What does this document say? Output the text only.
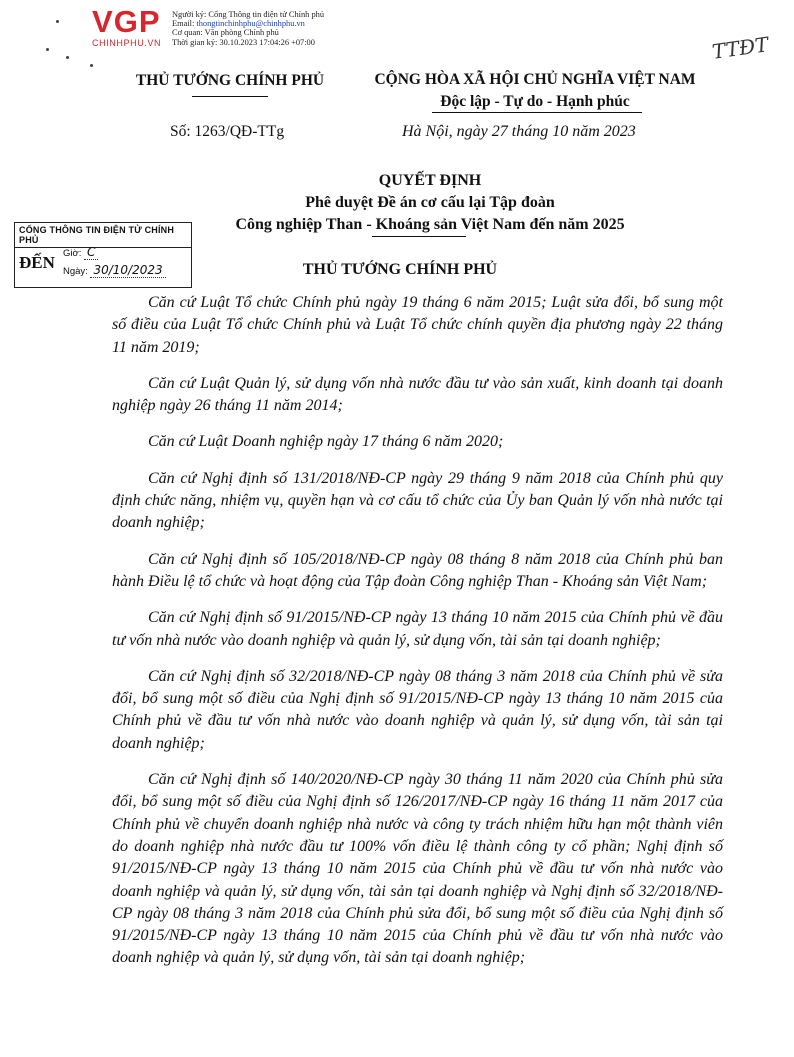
VGP
CHINHPHU.VN
Người ký: Cổng Thông tin điện tử Chính phủ
Email: thongtinchinhphu@chinhphu.vn
Cơ quan: Văn phòng Chính phủ
Thời gian ký: 30.10.2023 17:04:26 +07:00	TTĐT
THỦ TƯỚNG CHÍNH PHỦ	CỘNG HÒA XÃ HỘI CHỦ NGHĨA VIỆT NAM
Độc lập - Tự do - Hạnh phúc
Số: 1263/QĐ-TTg	Hà Nội, ngày 27 tháng 10 năm 2023
QUYẾT ĐỊNH
Phê duyệt Đề án cơ cấu lại Tập đoàn
Công nghiệp Than - Khoáng sản Việt Nam đến năm 2025
CỔNG THÔNG TIN ĐIỆN TỬ CHÍNH PHỦ
ĐẾN Giờ: C
Ngày: 30/10/2023	THỦ TƯỚNG CHÍNH PHỦ

Căn cứ Luật Tổ chức Chính phủ ngày 19 tháng 6 năm 2015; Luật sửa đổi, bổ sung một số điều của Luật Tổ chức Chính phủ và Luật Tổ chức chính quyền địa phương ngày 22 tháng 11 năm 2019;

Căn cứ Luật Quản lý, sử dụng vốn nhà nước đầu tư vào sản xuất, kinh doanh tại doanh nghiệp ngày 26 tháng 11 năm 2014;

Căn cứ Luật Doanh nghiệp ngày 17 tháng 6 năm 2020;

Căn cứ Nghị định số 131/2018/NĐ-CP ngày 29 tháng 9 năm 2018 của Chính phủ quy định chức năng, nhiệm vụ, quyền hạn và cơ cấu tổ chức của Ủy ban Quản lý vốn nhà nước tại doanh nghiệp;

Căn cứ Nghị định số 105/2018/NĐ-CP ngày 08 tháng 8 năm 2018 của Chính phủ ban hành Điều lệ tổ chức và hoạt động của Tập đoàn Công nghiệp Than - Khoáng sản Việt Nam;

Căn cứ Nghị định số 91/2015/NĐ-CP ngày 13 tháng 10 năm 2015 của Chính phủ về đầu tư vốn nhà nước vào doanh nghiệp và quản lý, sử dụng vốn, tài sản tại doanh nghiệp;

Căn cứ Nghị định số 32/2018/NĐ-CP ngày 08 tháng 3 năm 2018 của Chính phủ về sửa đổi, bổ sung một số điều của Nghị định số 91/2015/NĐ-CP ngày 13 tháng 10 năm 2015 của Chính phủ về đầu tư vốn nhà nước vào doanh nghiệp và quản lý, sử dụng vốn, tài sản tại doanh nghiệp;

Căn cứ Nghị định số 140/2020/NĐ-CP ngày 30 tháng 11 năm 2020 của Chính phủ sửa đổi, bổ sung một số điều của Nghị định số 126/2017/NĐ-CP ngày 16 tháng 11 năm 2017 của Chính phủ về chuyển doanh nghiệp nhà nước và công ty trách nhiệm hữu hạn một thành viên do doanh nghiệp nhà nước đầu tư 100% vốn điều lệ thành công ty cổ phần; Nghị định số 91/2015/NĐ-CP ngày 13 tháng 10 năm 2015 của Chính phủ về đầu tư vốn nhà nước vào doanh nghiệp và quản lý, sử dụng vốn, tài sản tại doanh nghiệp và Nghị định số 32/2018/NĐ-CP ngày 08 tháng 3 năm 2018 của Chính phủ sửa đổi, bổ sung một số điều của Nghị định số 91/2015/NĐ-CP ngày 13 tháng 10 năm 2015 của Chính phủ về đầu tư vốn nhà nước vào doanh nghiệp và quản lý, sử dụng vốn, tài sản tại doanh nghiệp;
